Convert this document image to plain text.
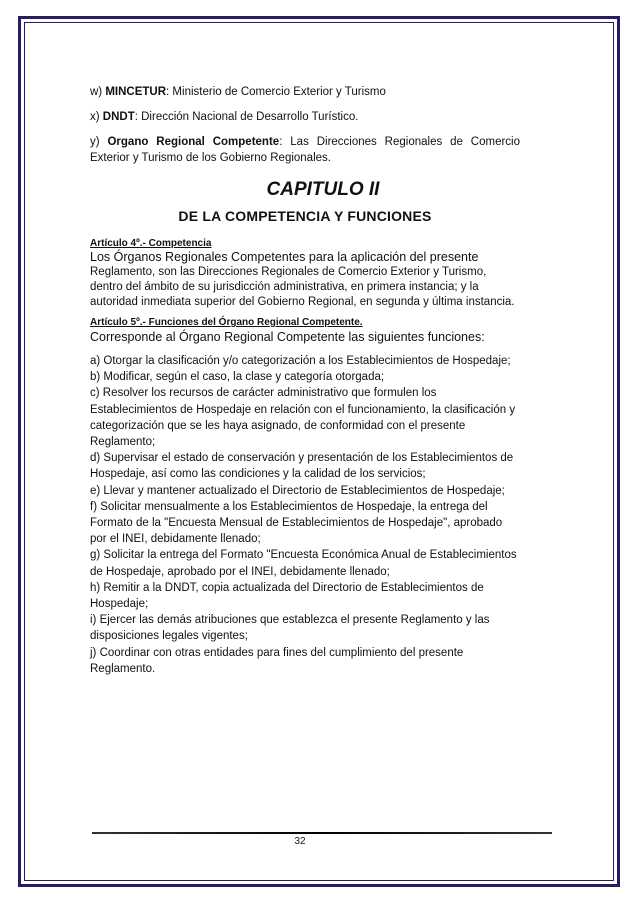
w) MINCETUR: Ministerio de Comercio Exterior y Turismo

x) DNDT: Dirección Nacional de Desarrollo Turístico.

y) Organo Regional Competente: Las Direcciones Regionales de Comercio Exterior y Turismo de los Gobierno Regionales.

CAPITULO II
DE LA COMPETENCIA Y FUNCIONES

Artículo 4º.- Competencia

Los Órganos Regionales Competentes para la aplicación del presente

Reglamento, son las Direcciones Regionales de Comercio Exterior y Turismo, dentro del ámbito de su jurisdicción administrativa, en primera instancia; y la autoridad inmediata superior del Gobierno Regional, en segunda y última instancia.

Artículo 5º.- Funciones del Órgano Regional Competente.

Corresponde al Órgano Regional Competente las siguientes funciones:

a) Otorgar la clasificación y/o categorización a los Establecimientos de Hospedaje;

b) Modificar, según el caso, la clase y categoría otorgada;

c) Resolver los recursos de carácter administrativo que formulen los Establecimientos de Hospedaje en relación con el funcionamiento, la clasificación y categorización que se les haya asignado, de conformidad con el presente Reglamento;

d) Supervisar el estado de conservación y presentación de los Establecimientos de Hospedaje, así como las condiciones y la calidad de los servicios;

e) Llevar y mantener actualizado el Directorio de Establecimientos de Hospedaje;

f) Solicitar mensualmente a los Establecimientos de Hospedaje, la entrega del Formato de la "Encuesta Mensual de Establecimientos de Hospedaje", aprobado por el INEI, debidamente llenado;

g) Solicitar la entrega del Formato "Encuesta Económica Anual de Establecimientos de Hospedaje, aprobado por el INEI, debidamente llenado;

h) Remitir a la DNDT, copia actualizada del Directorio de Establecimientos de Hospedaje;

i) Ejercer las demás atribuciones que establezca el presente Reglamento y las disposiciones legales vigentes;

j) Coordinar con otras entidades para fines del cumplimiento del presente Reglamento.

32
